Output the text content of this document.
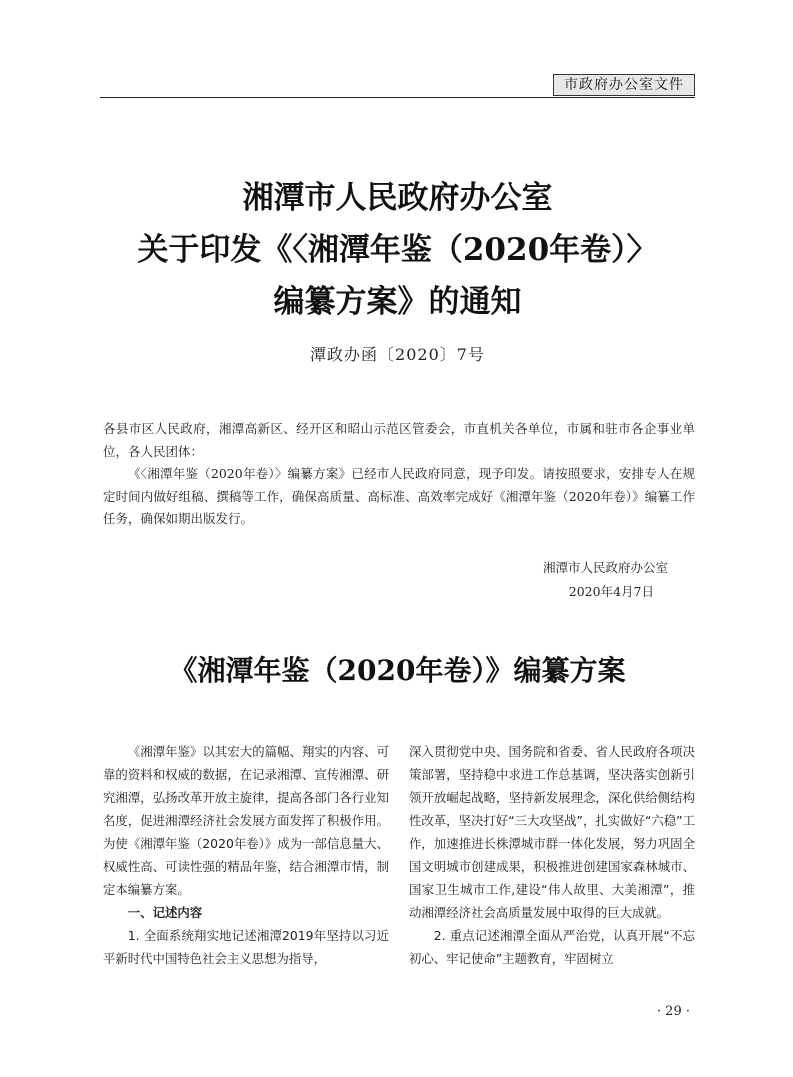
市政府办公室文件
湘潭市人民政府办公室
关于印发《〈湘潭年鉴（2020年卷）〉
编纂方案》的通知
潭政办函〔2020〕7号

各县市区人民政府，湘潭高新区、经开区和昭山示范区管委会，市直机关各单位，市属和驻市各企事业单位，各人民团体：

《〈湘潭年鉴（2020年卷）〉编纂方案》已经市人民政府同意，现予印发。请按照要求，安排专人在规定时间内做好组稿、撰稿等工作，确保高质量、高标准、高效率完成好《湘潭年鉴（2020年卷）》编纂工作任务，确保如期出版发行。

湘潭市人民政府办公室
2020年4月7日
《湘潭年鉴（2020年卷）》编纂方案

《湘潭年鉴》以其宏大的篇幅、翔实的内容、可靠的资料和权威的数据，在记录湘潭、宣传湘潭、研究湘潭，弘扬改革开放主旋律，提高各部门各行业知名度，促进湘潭经济社会发展方面发挥了积极作用。为使《湘潭年鉴（2020年卷）》成为一部信息量大、权威性高、可读性强的精品年鉴，结合湘潭市情，制定本编纂方案。

一、记述内容

1. 全面系统翔实地记述湘潭2019年坚持以习近平新时代中国特色社会主义思想为指导，

深入贯彻党中央、国务院和省委、省人民政府各项决策部署，坚持稳中求进工作总基调，坚决落实创新引领开放崛起战略，坚持新发展理念，深化供给侧结构性改革，坚决打好“三大攻坚战”，扎实做好“六稳”工作，加速推进长株潭城市群一体化发展，努力巩固全国文明城市创建成果，积极推进创建国家森林城市、国家卫生城市工作,建设“伟人故里、大美湘潭”，推动湘潭经济社会高质量发展中取得的巨大成就。

2. 重点记述湘潭全面从严治党，认真开展“不忘初心、牢记使命”主题教育，牢固树立

· 29 ·
